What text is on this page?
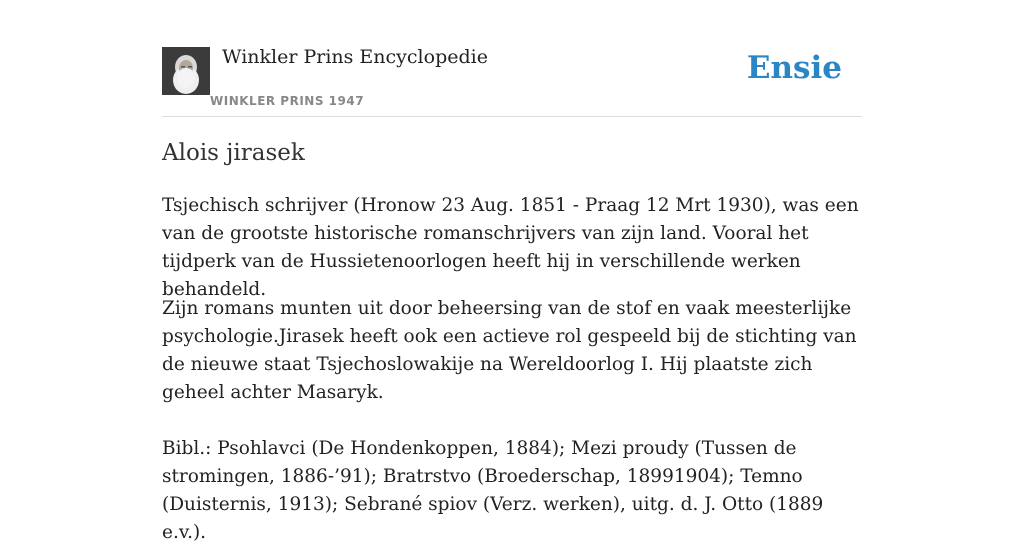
Winkler Prins Encyclopedie
WINKLER PRINS 1947
Ensie
Alois jirasek

Tsjechisch schrijver (Hronow 23 Aug. 1851 - Praag 12 Mrt 1930), was een van de grootste historische romanschrijvers van zijn land. Vooral het tijdperk van de Hussietenoorlogen heeft hij in verschillende werken behandeld.

Zijn romans munten uit door beheersing van de stof en vaak meesterlijke psychologie.Jirasek heeft ook een actieve rol gespeeld bij de stichting van de nieuwe staat Tsjechoslowakije na Wereldoorlog I. Hij plaatste zich geheel achter Masaryk.

Bibl.: Psohlavci (De Hondenkoppen, 1884); Mezi proudy (Tussen de stromingen, 1886-’91); Bratrstvo (Broederschap, 18991904); Temno (Duisternis, 1913); Sebrané spiov (Verz. werken), uitg. d. J. Otto (1889 e.v.).
